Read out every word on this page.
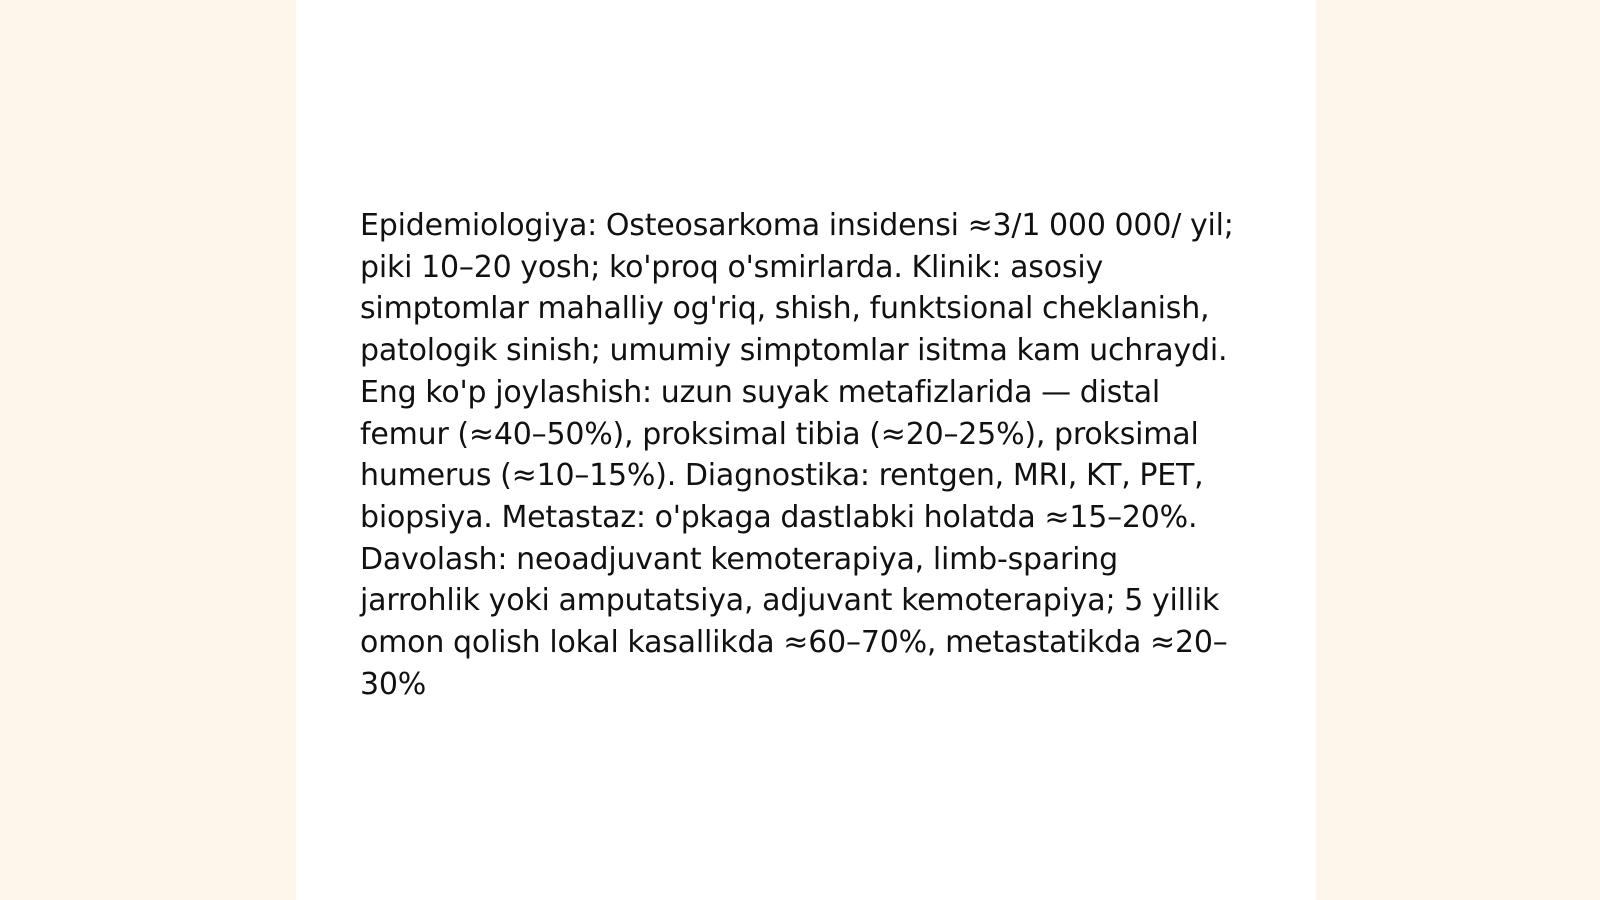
Epidemiologiya: Osteosarkoma insidensi ≈3/1 000 000/ yil; piki 10–20 yosh; ko'proq o'smirlarda. Klinik: asosiy simptomlar mahalliy og'riq, shish, funktsional cheklanish, patologik sinish; umumiy simptomlar isitma kam uchraydi. Eng ko'p joylashish: uzun suyak metafizlarida — distal femur (≈40–50%), proksimal tibia (≈20–25%), proksimal humerus (≈10–15%). Diagnostika: rentgen, MRI, KT, PET, biopsiya. Metastaz: o'pkaga dastlabki holatda ≈15–20%. Davolash: neoadjuvant kemoterapiya, limb-sparing jarrohlik yoki amputatsiya, adjuvant kemoterapiya; 5 yillik omon qolish lokal kasallikda ≈60–70%, metastatikda ≈20–30%
